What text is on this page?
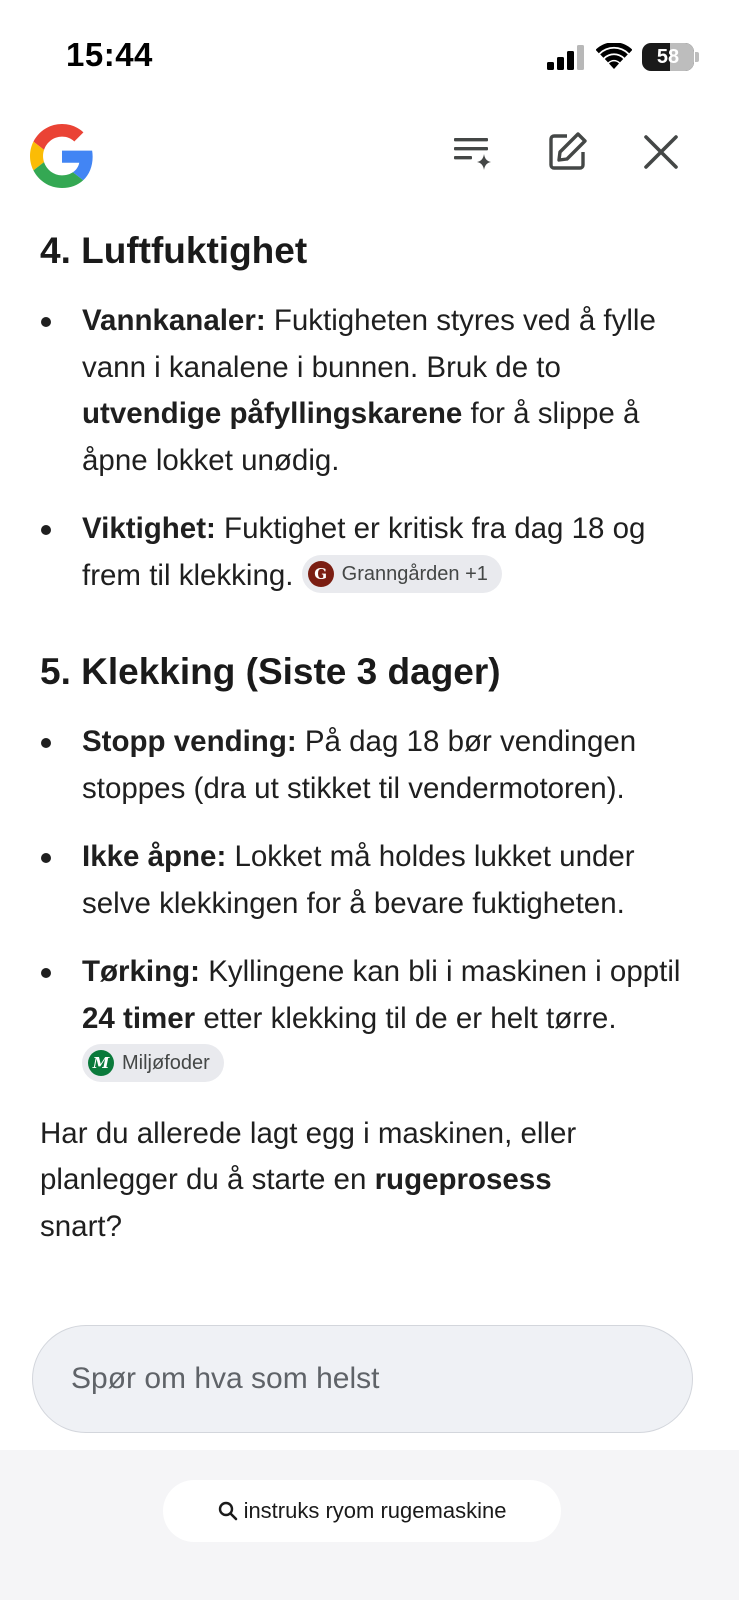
15:44	58
4. Luftfuktighet
Vannkanaler: Fuktigheten styres ved å fylle vann i kanalene i bunnen. Bruk de to utvendige påfyllingskarene for å slippe å åpne lokket unødig.
Viktighet: Fuktighet er kritisk fra dag 18 og frem til klekking. G Granngården +1
5. Klekking (Siste 3 dager)
Stopp vending: På dag 18 bør vendingen stoppes (dra ut stikket til vendermotoren).
Ikke åpne: Lokket må holdes lukket under selve klekkingen for å bevare fuktigheten.
Tørking: Kyllingene kan bli i maskinen i opptil 24 timer etter klekking til de er helt tørre.
M Miljøfoder

Har du allerede lagt egg i maskinen, eller planlegger du å starte en rugeprosess snart?

Spør om hva som helst
instruks ryom rugemaskine
